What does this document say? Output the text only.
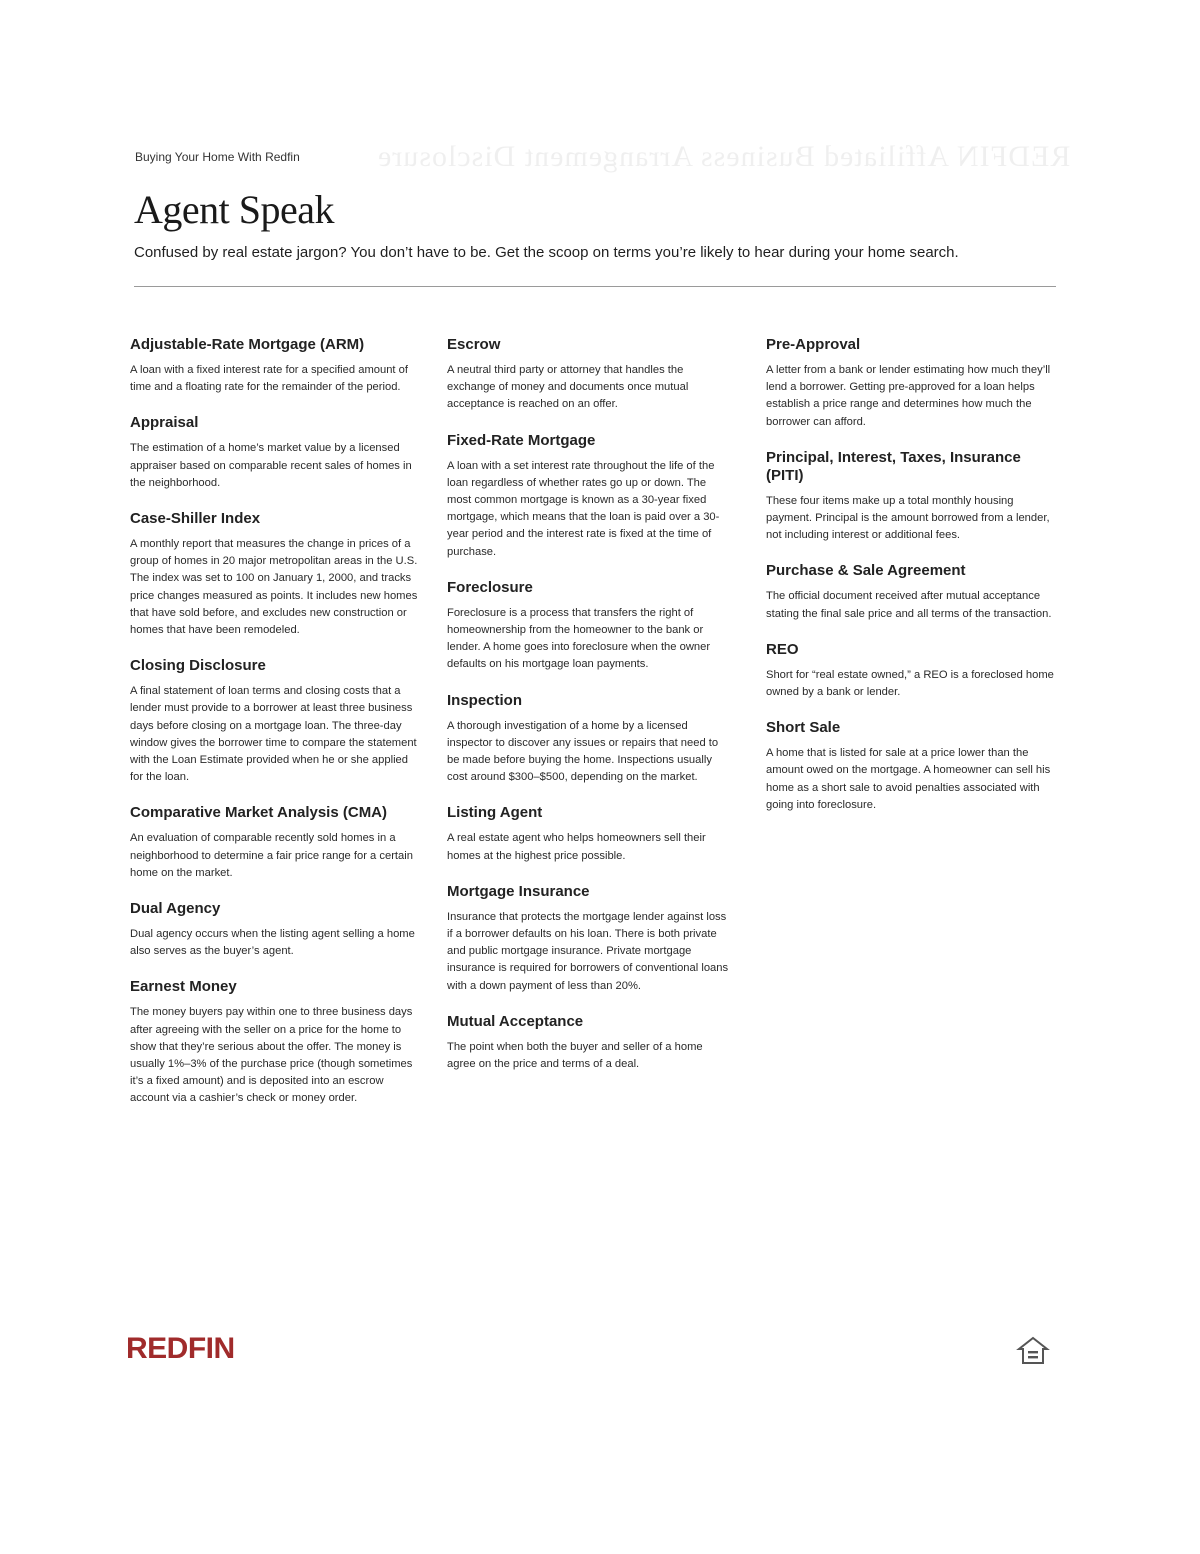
REDFIN Affiliated Business Arrangement Disclosure
Buying Your Home With Redfin
Agent Speak
Confused by real estate jargon? You don’t have to be. Get the scoop on terms you’re likely to hear during your home search.
Adjustable-Rate Mortgage (ARM)

A loan with a fixed interest rate for a specified amount of time and a floating rate for the remainder of the period.

Appraisal

The estimation of a home’s market value by a licensed appraiser based on comparable recent sales of homes in the neighborhood.

Case-Shiller Index

A monthly report that measures the change in prices of a group of homes in 20 major metropolitan areas in the U.S. The index was set to 100 on January 1, 2000, and tracks price changes measured as points. It includes new homes that have sold before, and excludes new construction or homes that have been remodeled.

Closing Disclosure

A final statement of loan terms and closing costs that a lender must provide to a borrower at least three business days before closing on a mortgage loan. The three-day window gives the borrower time to compare the statement with the Loan Estimate provided when he or she applied for the loan.

Comparative Market Analysis (CMA)

An evaluation of comparable recently sold homes in a neighborhood to determine a fair price range for a certain home on the market.

Dual Agency

Dual agency occurs when the listing agent selling a home also serves as the buyer’s agent.

Earnest Money

The money buyers pay within one to three business days after agreeing with the seller on a price for the home to show that they’re serious about the offer. The money is usually 1%–3% of the purchase price (though sometimes it’s a fixed amount) and is deposited into an escrow account via a cashier’s check or money order.

Escrow

A neutral third party or attorney that handles the exchange of money and documents once mutual acceptance is reached on an offer.

Fixed-Rate Mortgage

A loan with a set interest rate throughout the life of the loan regardless of whether rates go up or down. The most common mortgage is known as a 30-year fixed mortgage, which means that the loan is paid over a 30-year period and the interest rate is fixed at the time of purchase.

Foreclosure

Foreclosure is a process that transfers the right of homeownership from the homeowner to the bank or lender. A home goes into foreclosure when the owner defaults on his mortgage loan payments.

Inspection

A thorough investigation of a home by a licensed inspector to discover any issues or repairs that need to be made before buying the home. Inspections usually cost around $300–$500, depending on the market.

Listing Agent

A real estate agent who helps homeowners sell their homes at the highest price possible.

Mortgage Insurance

Insurance that protects the mortgage lender against loss if a borrower defaults on his loan. There is both private and public mortgage insurance. Private mortgage insurance is required for borrowers of conventional loans with a down payment of less than 20%.

Mutual Acceptance

The point when both the buyer and seller of a home agree on the price and terms of a deal.

Pre-Approval

A letter from a bank or lender estimating how much they’ll lend a borrower. Getting pre-approved for a loan helps establish a price range and determines how much the borrower can afford.

Principal, Interest, Taxes, Insurance (PITI)

These four items make up a total monthly housing payment. Principal is the amount borrowed from a lender, not including interest or additional fees.

Purchase & Sale Agreement

The official document received after mutual acceptance stating the final sale price and all terms of the transaction.

REO

Short for “real estate owned,” a REO is a foreclosed home owned by a bank or lender.

Short Sale

A home that is listed for sale at a price lower than the amount owed on the mortgage. A homeowner can sell his home as a short sale to avoid penalties associated with going into foreclosure.

REDFIN
